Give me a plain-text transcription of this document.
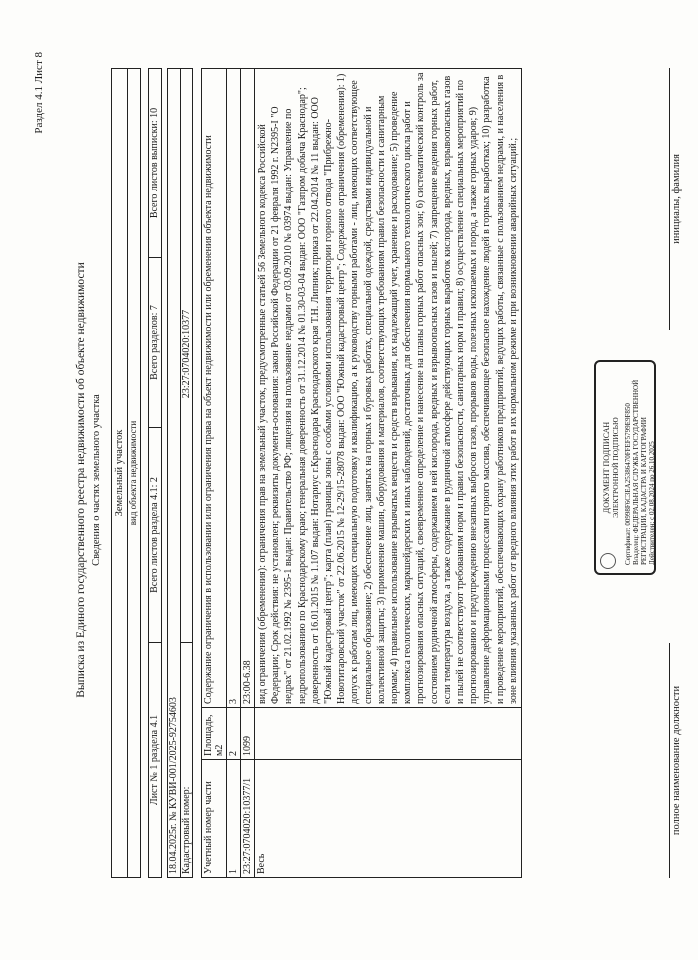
Раздел 4.1 Лист 8
Выписка из Единого государственного реестра недвижимости об объекте недвижимости Сведения о частях земельного участка Земельный участок вид объекта недвижимости
Лист № 1 раздела 4.1
Всего листов раздела 4.1: 2
Всего разделов: 7
Всего листов выписки: 10
18.04.2025г. № КУВИ-001/2025-92754603 Кадастровый номер:
23:27:0704020:10377
Учетный номер части	Площадь, м2	Содержание ограничения в использовании или ограничения права на объект недвижимости или обременения объекта недвижимости
1	2	3
23:27:0704020:10377/1	1099	23:00-6.38
Весь		вид ограничения (обременения): ограничения прав на земельный участок, предусмотренные статьей 56 Земельного кодекса Российской Федерации; Срок действия: не установлен; реквизиты документа-основания: закон Российской Федерации от 21 февраля 1992 г. N2395-I "О недрах" от 21.02.1992 № 2395-1 выдан: Правительство РФ; лицензия на пользование недрами от 03.09.2010 № 03974 выдан: Управление по недропользованию по Краснодарскому краю; генеральная доверенность от 31.12.2014 № 01.30-03-04 выдан: ООО "Газпром добыча Краснодар"; доверенность от 16.01.2015 № 1.107 выдан: Нотариус г.Краснодара Краснодарского края Т.Н. Липник; приказ от 22.04.2014 № 11 выдан: ООО "Южный кадастровый центр"; карта (план) границы зоны с особыми условиями использования территории горного отвода "Прибрежно-Новотитаровский участок" от 22.06.2015 № 12-29/15-28078 выдан: ООО "Южный кадастровый центр"; Содержание ограничения (обременения): 1) допуск к работам лиц, имеющих специальную подготовку и квалификацию, а к руководству горными работами - лиц, имеющих соответствующее специальное образование; 2) обеспечение лиц, занятых на горных и буровых работах, специальной одеждой, средствами индивидуальной и коллективной защиты; 3) применение машин, оборудования и материалов, соответствующих требованиям правил безопасности и санитарным нормам; 4) правильное использование взрывчатых веществ и средств взрывания, их надлежащий учет, хранение и расходование; 5) проведение комплекса геологических, маркшейдерских и иных наблюдений, достаточных для обеспечения нормального технологического цикла работ и прогнозирования опасных ситуаций, своевременное определение и нанесение на планы горных работ опасных зон; 6) систематический контроль за состоянием рудничной атмосферы, содержанием в ней кислорода, вредных и взрывоопасных газов и пылей; 7) запрещение ведения горных работ, если температура воздуха, а также содержание в рудничной атмосфере действующих горных выработок кислорода, вредных, взрывоопасных газов и пылей не соответствуют требованиям норм и правил безопасности, санитарных норм и правил; 8) осуществление специальных мероприятий по прогнозированию и предупреждению внезапных выбросов газов, прорывов воды, полезных ископаемых и пород, а также горных ударов; 9) управление деформационными процессами горного массива, обеспечивающее безопасное нахождение людей в горных выработках; 10) разработка и проведение мероприятий, обеспечивающих охрану работников предприятий, ведущих работы, связанные с пользованием недрами, и населения в зоне влияния указанных работ от вредного влияния этих работ в их нормальном режиме и при возникновении аварийных ситуаций.;	ДОКУМЕНТ ПОДПИСАН ЭЛЕКТРОННОЙ ПОДПИСЬЮ Сертификат: 00998F6C3EA25386470FFEF5799E9F850 Владелец: ФЕДЕРАЛЬНАЯ СЛУЖБА ГОСУДАРСТВЕННОЙ РЕГИСТРАЦИИ, КАДАСТРА И КАРТОГРАФИИ Действителен: с 02.08.2024 по 26.10.2025
полное наименование должности
инициалы, фамилия
